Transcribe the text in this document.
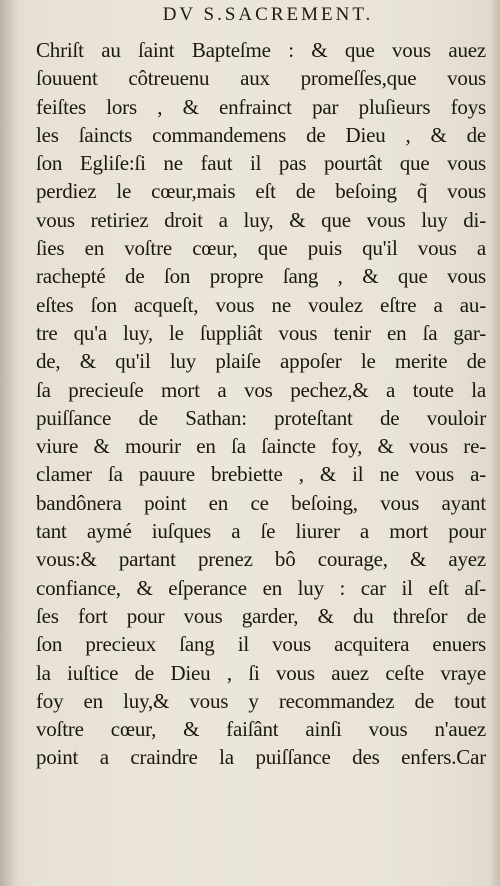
DV S.SACREMENT.
Chriſt au ſaint Bapteſme : & que vous auez
ſouuent côtreuenu aux promeſſes,que vous
feiſtes lors , & enfrainct par pluſieurs foys
les ſaincts commandemens de Dieu , & de
ſon Egliſe:ſi ne faut il pas pourtât que vous
perdiez le cœur,mais eſt de beſoing q̃ vous
vous retiriez droit a luy, & que vous luy di-
ſies en voſtre cœur, que puis qu'il vous a
rachepté de ſon propre ſang , & que vous
eſtes ſon acqueſt, vous ne voulez eſtre a au-
tre qu'a luy, le ſuppliât vous tenir en ſa gar-
de, & qu'il luy plaiſe appoſer le merite de
ſa precieuſe mort a vos pechez,& a toute la
puiſſance de Sathan: proteſtant de vouloir
viure & mourir en ſa ſaincte foy, & vous re-
clamer ſa pauure brebiette , & il ne vous a-
bandônera point en ce beſoing, vous ayant
tant aymé iuſques a ſe liurer a mort pour
vous:& partant prenez bô courage, & ayez
confiance, & eſperance en luy : car il eſt aſ-
ſes fort pour vous garder, & du threſor de
ſon precieux ſang il vous acquitera enuers
la iuſtice de Dieu , ſi vous auez ceſte vraye
foy en luy,& vous y recommandez de tout
voſtre cœur, & faiſânt ainſi vous n'auez
point a craindre la puiſſance des enfers.Car
